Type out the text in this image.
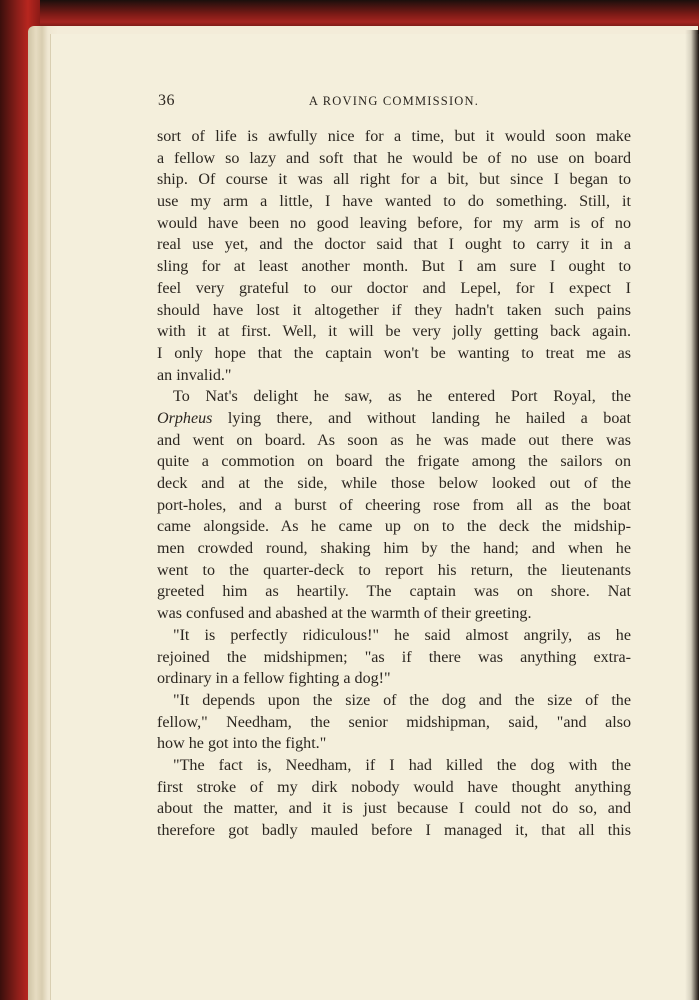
36	A ROVING COMMISSION.
sort of life is awfully nice for a time, but it would soon make
a fellow so lazy and soft that he would be of no use on board
ship. Of course it was all right for a bit, but since I began to
use my arm a little, I have wanted to do something. Still, it
would have been no good leaving before, for my arm is of no
real use yet, and the doctor said that I ought to carry it in a
sling for at least another month. But I am sure I ought to
feel very grateful to our doctor and Lepel, for I expect I
should have lost it altogether if they hadn't taken such pains
with it at first. Well, it will be very jolly getting back again.
I only hope that the captain won't be wanting to treat me as
an invalid."
To Nat's delight he saw, as he entered Port Royal, the
Orpheus lying there, and without landing he hailed a boat
and went on board. As soon as he was made out there was
quite a commotion on board the frigate among the sailors on
deck and at the side, while those below looked out of the
port-holes, and a burst of cheering rose from all as the boat
came alongside. As he came up on to the deck the midship-
men crowded round, shaking him by the hand; and when he
went to the quarter-deck to report his return, the lieutenants
greeted him as heartily. The captain was on shore. Nat
was confused and abashed at the warmth of their greeting.
"It is perfectly ridiculous!" he said almost angrily, as he
rejoined the midshipmen; "as if there was anything extra-
ordinary in a fellow fighting a dog!"
"It depends upon the size of the dog and the size of the
fellow," Needham, the senior midshipman, said, "and also
how he got into the fight."
"The fact is, Needham, if I had killed the dog with the
first stroke of my dirk nobody would have thought anything
about the matter, and it is just because I could not do so, and
therefore got badly mauled before I managed it, that all this
